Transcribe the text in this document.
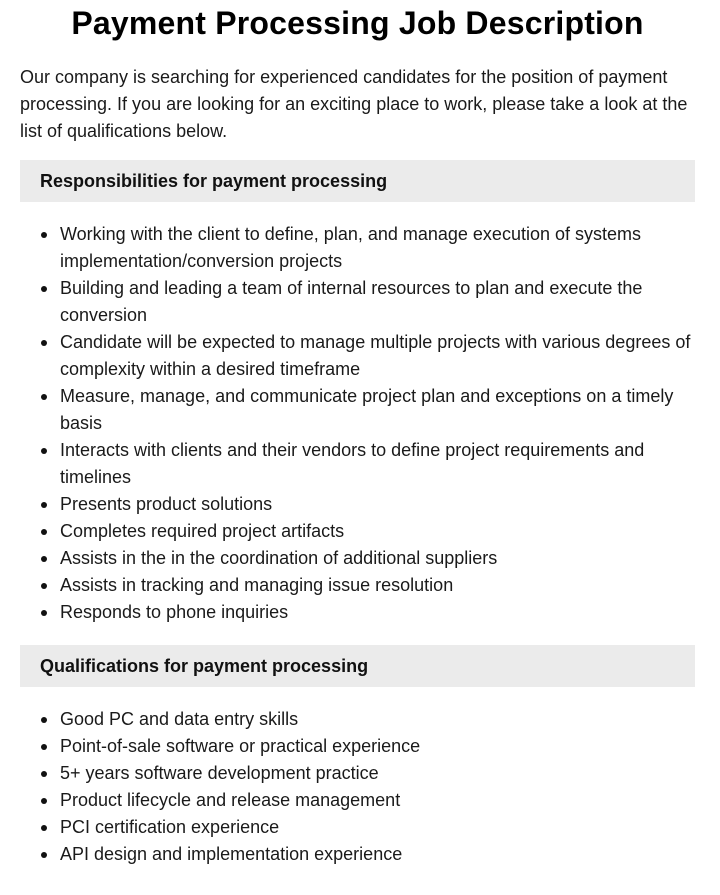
Payment Processing Job Description

Our company is searching for experienced candidates for the position of payment processing. If you are looking for an exciting place to work, please take a look at the list of qualifications below.

Responsibilities for payment processing
Working with the client to define, plan, and manage execution of systems implementation/conversion projects
Building and leading a team of internal resources to plan and execute the conversion
Candidate will be expected to manage multiple projects with various degrees of complexity within a desired timeframe
Measure, manage, and communicate project plan and exceptions on a timely basis
Interacts with clients and their vendors to define project requirements and timelines
Presents product solutions
Completes required project artifacts
Assists in the in the coordination of additional suppliers
Assists in tracking and managing issue resolution
Responds to phone inquiries
Qualifications for payment processing
Good PC and data entry skills
Point-of-sale software or practical experience
5+ years software development practice
Product lifecycle and release management
PCI certification experience
API design and implementation experience
